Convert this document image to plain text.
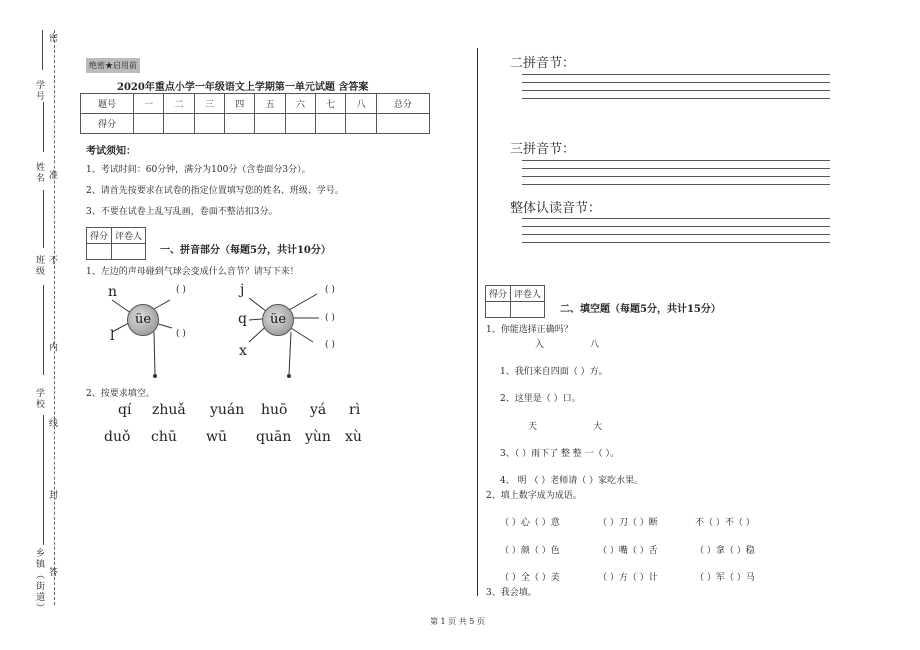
学号
姓名
班级
学校
乡镇（街道）
密
准
不
内
线
封
答
绝密★启用前
2020年重点小学一年级语文上学期第一单元试题 含答案
题号	一	二	三	四	五	六	七	八	总分
得分									
考试须知：
1、考试时间：60分钟，满分为100分（含卷面分3分）。
2、请首先按要求在试卷的指定位置填写您的姓名、班级、学号。
3、不要在试卷上乱写乱画，卷面不整洁扣3分。
得分	评卷人

一、拼音部分（每题5分，共计10分）
1、左边的声母碰到气球会变成什么音节？请写下来！
üe
n
l
( )
( )
üe
j
q
x
( )
( )
( )
2、按要求填空。
qí zhuǎ yuán huō yá rì
duǒ chū wū quān yùn xù
二拼音节：
三拼音节：
整体认读音节：
得分	评卷人

二、填空题（每题5分，共计15分）
1、你能选择正确吗？
入	八
1、我们来自四面（ ）方。
2、这里是（ ）口。
天	大
3、（ ）雨下了 整 整 一（ ）。
4、 明 （ ）老师请（ ）家吃水果。
2、填上数字成为成语。
（ ）心（ ）意	（ ）刀（ ）断	不（ ）不（ ）
（ ）颜（ ）色	（ ）嘴（ ）舌	（ ）拿（ ）稳
（ ）全（ ）美	（ ）方（ ）计	（ ）军（ ）马
3、我会填。
第 1 页 共 5 页
